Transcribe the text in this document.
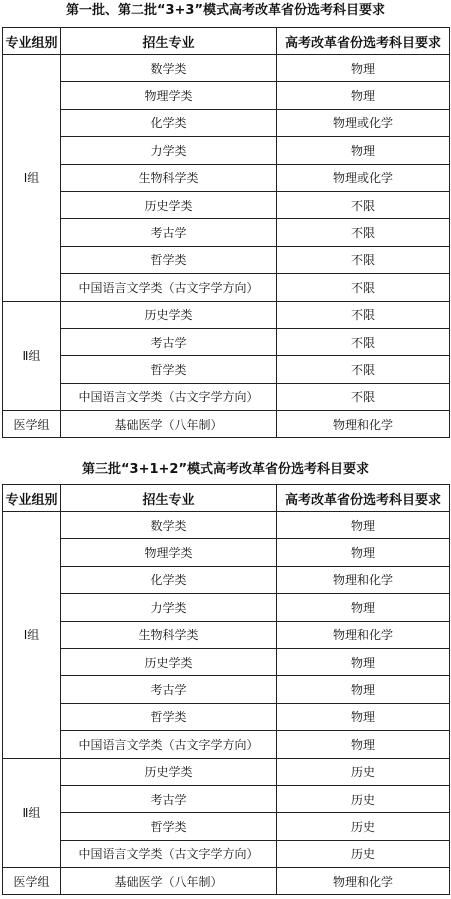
第一批、第二批“3+3”模式高考改革省份选考科目要求
专业组别	招生专业	高考改革省份选考科目要求
Ⅰ组	数学类	物理
	物理学类	物理
	化学类	物理或化学
	力学类	物理
	生物科学类	物理或化学
	历史学类	不限
	考古学	不限
	哲学类	不限
	中国语言文学类（古文字学方向）	不限
Ⅱ组	历史学类	不限
	考古学	不限
	哲学类	不限
	中国语言文学类（古文字学方向）	不限
医学组	基础医学（八年制）	物理和化学
第三批“3+1+2”模式高考改革省份选考科目要求
专业组别	招生专业	高考改革省份选考科目要求
Ⅰ组	数学类	物理
	物理学类	物理
	化学类	物理和化学
	力学类	物理
	生物科学类	物理和化学
	历史学类	物理
	考古学	物理
	哲学类	物理
	中国语言文学类（古文字学方向）	物理
Ⅱ组	历史学类	历史
	考古学	历史
	哲学类	历史
	中国语言文学类（古文字学方向）	历史
医学组	基础医学（八年制）	物理和化学
